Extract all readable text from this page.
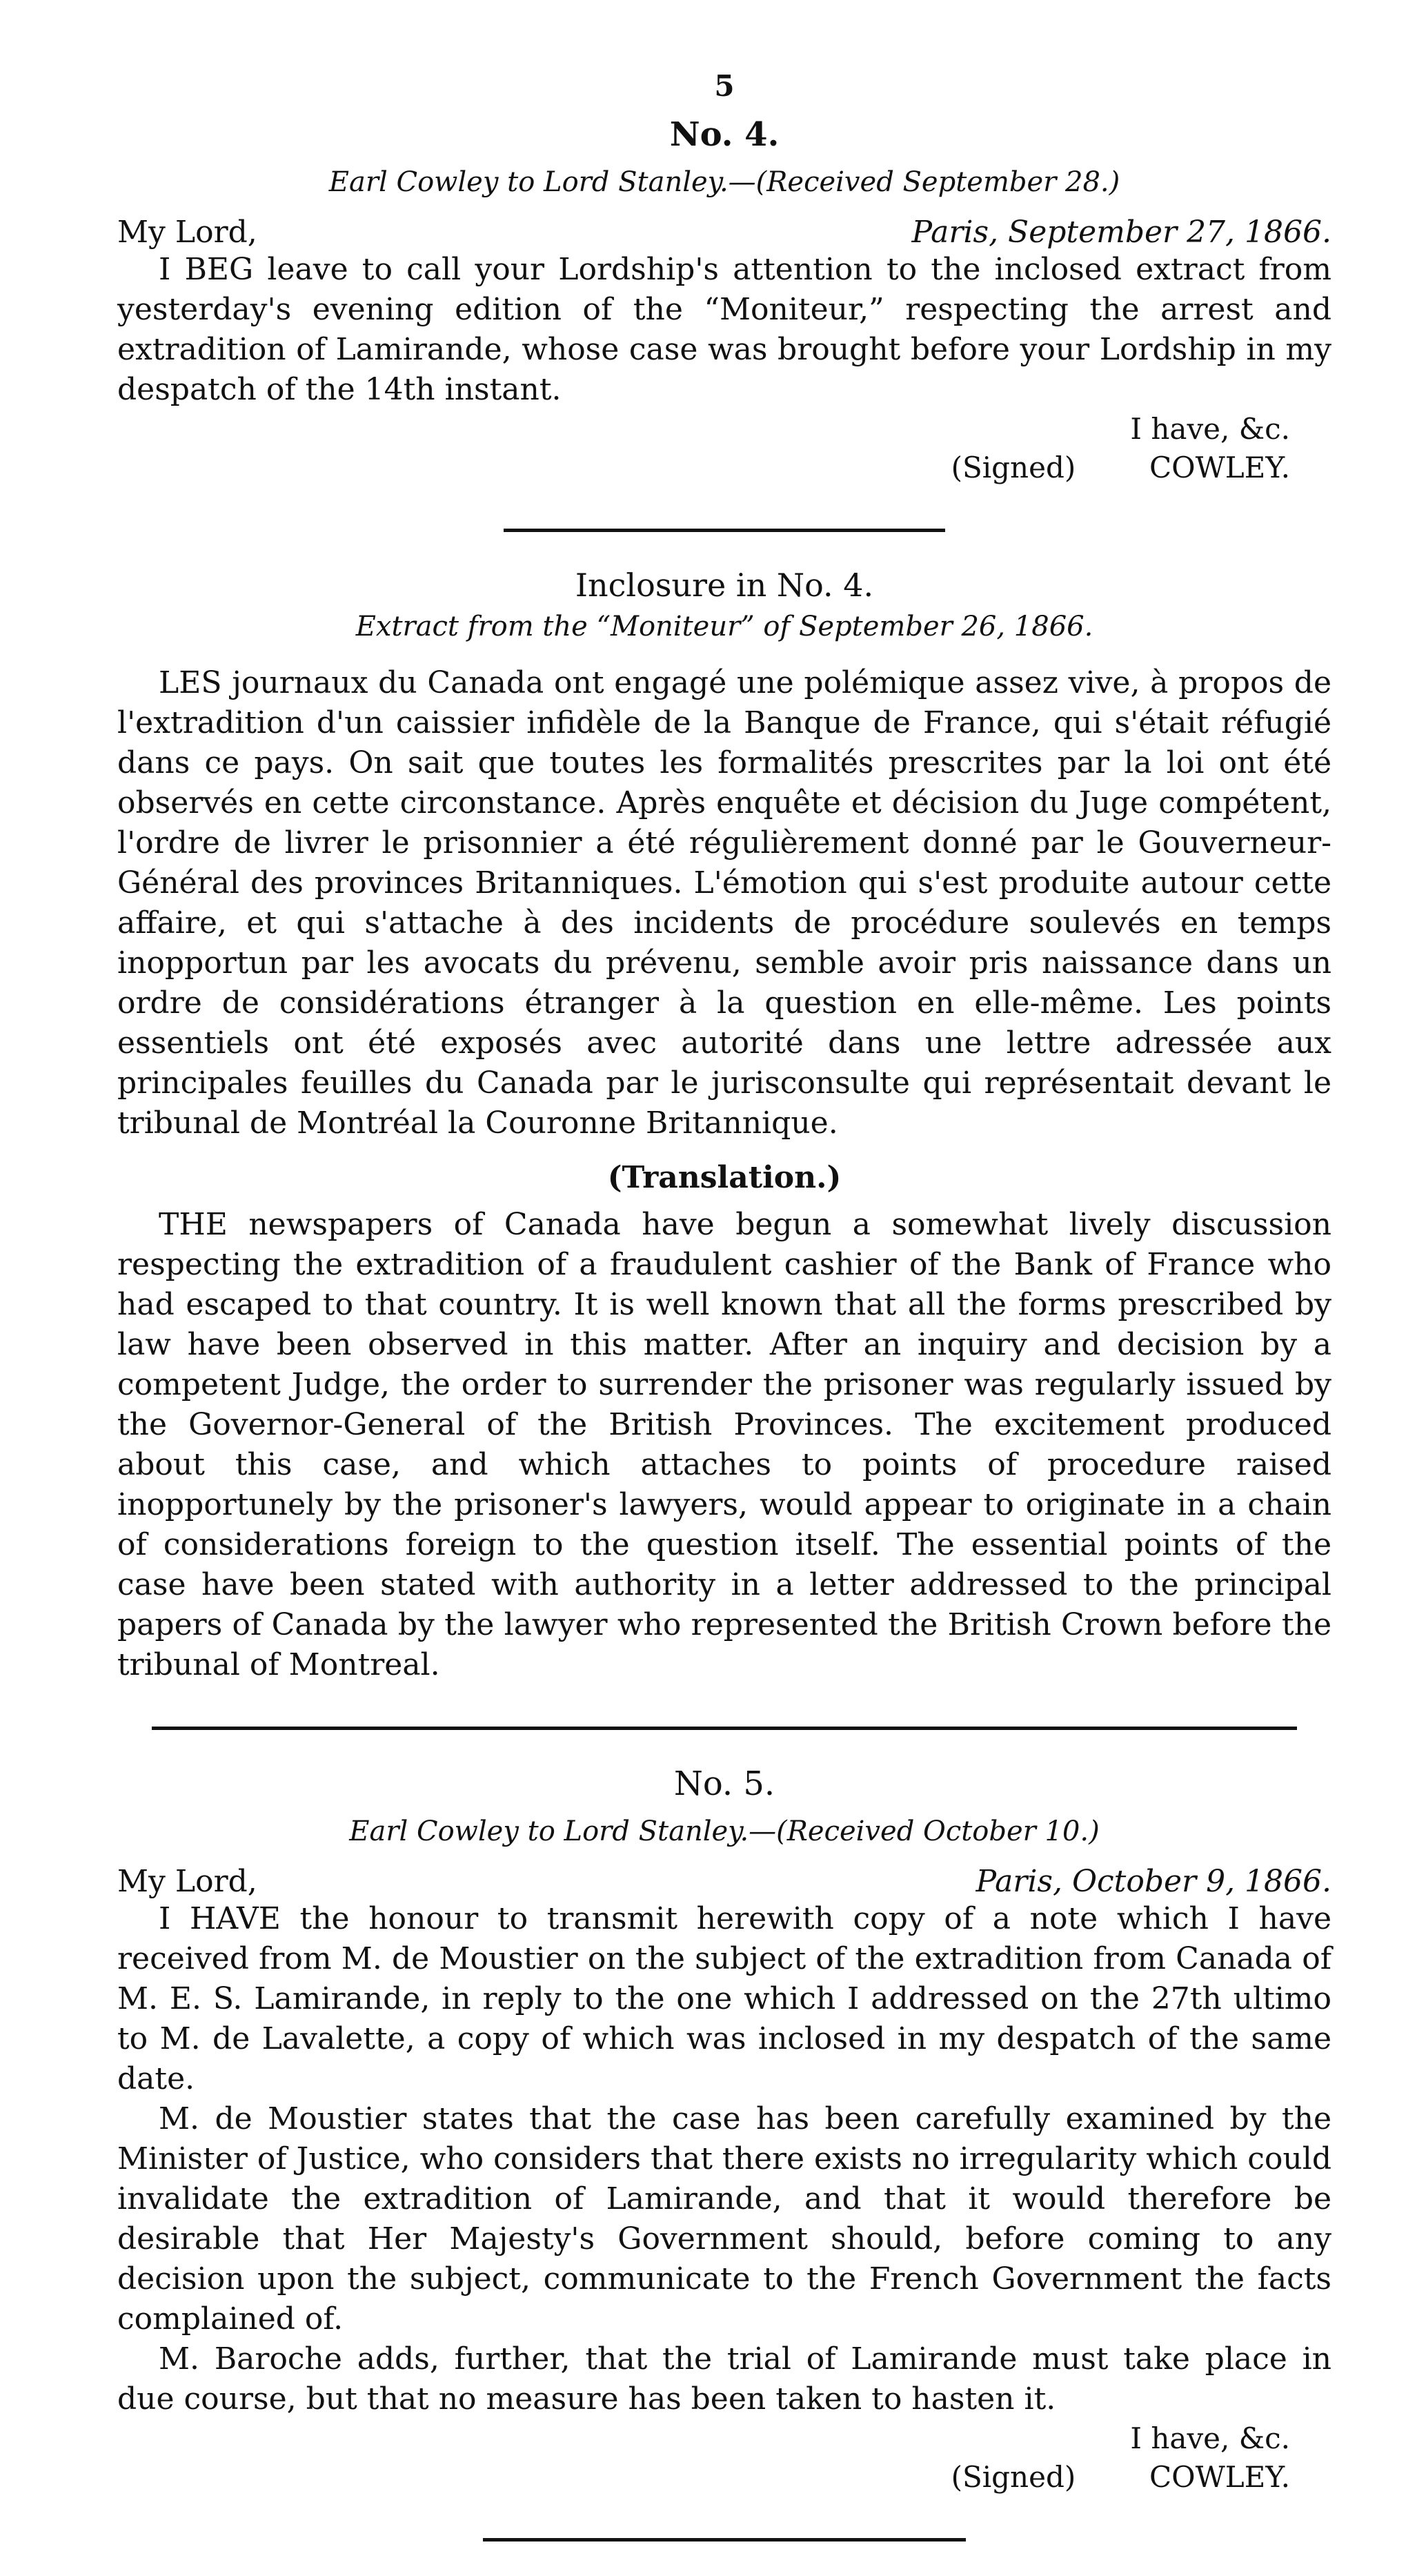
5
No. 4.
Earl Cowley to Lord Stanley.—(Received September 28.)
My Lord,	Paris, September 27, 1866.

I BEG leave to call your Lordship's attention to the inclosed extract from yesterday's evening edition of the “Moniteur,” respecting the arrest and extradition of Lamirande, whose case was brought before your Lordship in my despatch of the 14th instant.

I have, &c.
(Signed)	COWLEY.
Inclosure in No. 4.
Extract from the “Moniteur” of September 26, 1866.

LES journaux du Canada ont engagé une polémique assez vive, à propos de l'extradition d'un caissier infidèle de la Banque de France, qui s'était réfugié dans ce pays. On sait que toutes les formalités prescrites par la loi ont été observés en cette circonstance. Après enquête et décision du Juge compétent, l'ordre de livrer le prisonnier a été régulièrement donné par le Gouverneur-Général des provinces Britanniques. L'émotion qui s'est produite autour cette affaire, et qui s'attache à des incidents de procédure soulevés en temps inopportun par les avocats du prévenu, semble avoir pris naissance dans un ordre de considérations étranger à la question en elle-même. Les points essentiels ont été exposés avec autorité dans une lettre adressée aux principales feuilles du Canada par le jurisconsulte qui représentait devant le tribunal de Montréal la Couronne Britannique.

(Translation.)

THE newspapers of Canada have begun a somewhat lively discussion respecting the extradition of a fraudulent cashier of the Bank of France who had escaped to that country. It is well known that all the forms prescribed by law have been observed in this matter. After an inquiry and decision by a competent Judge, the order to surrender the prisoner was regularly issued by the Governor-General of the British Provinces. The excitement produced about this case, and which attaches to points of procedure raised inopportunely by the prisoner's lawyers, would appear to originate in a chain of considerations foreign to the question itself. The essential points of the case have been stated with authority in a letter addressed to the principal papers of Canada by the lawyer who represented the British Crown before the tribunal of Montreal.

No. 5.
Earl Cowley to Lord Stanley.—(Received October 10.)
My Lord,	Paris, October 9, 1866.

I HAVE the honour to transmit herewith copy of a note which I have received from M. de Moustier on the subject of the extradition from Canada of M. E. S. Lamirande, in reply to the one which I addressed on the 27th ultimo to M. de Lavalette, a copy of which was inclosed in my despatch of the same date.

M. de Moustier states that the case has been carefully examined by the Minister of Justice, who considers that there exists no irregularity which could invalidate the extradition of Lamirande, and that it would therefore be desirable that Her Majesty's Government should, before coming to any decision upon the subject, communicate to the French Government the facts complained of.

M. Baroche adds, further, that the trial of Lamirande must take place in due course, but that no measure has been taken to hasten it.

I have, &c.
(Signed)	COWLEY.
